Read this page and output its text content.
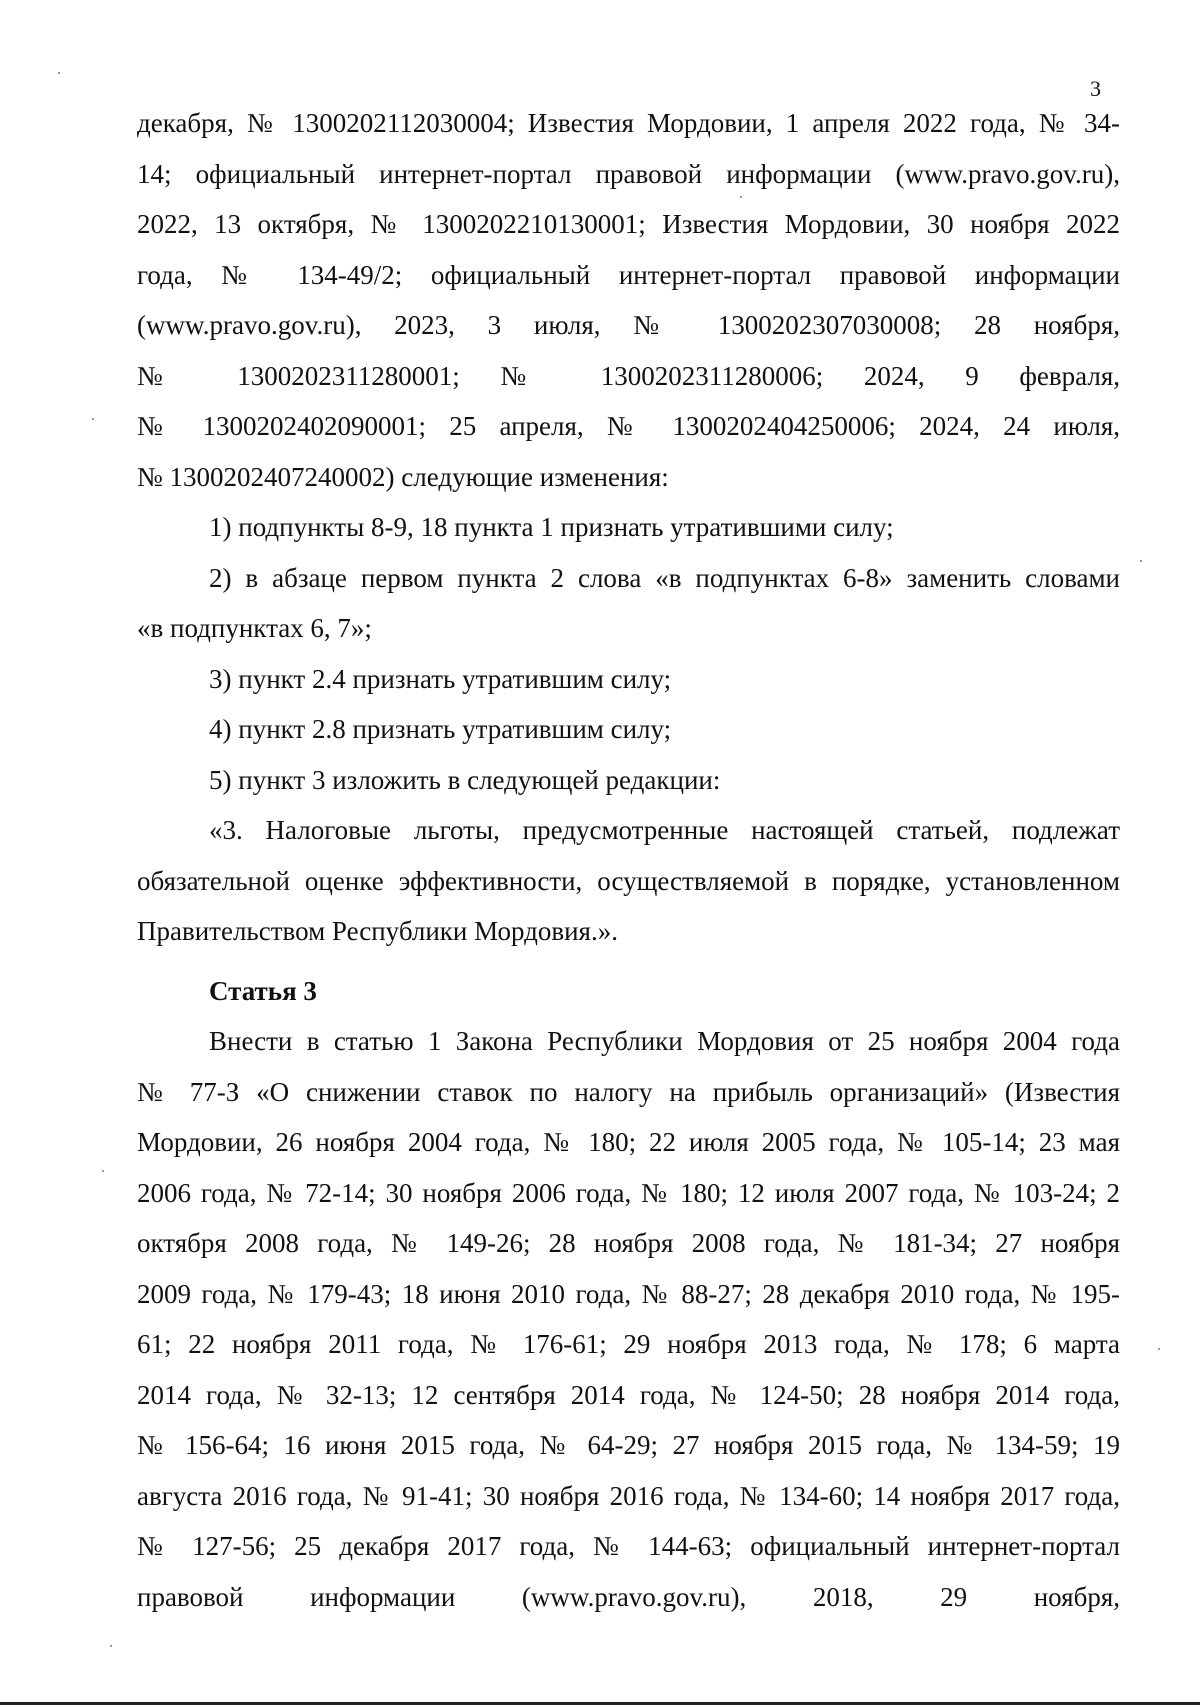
3
декабря, № 1300202112030004; Известия Мордовии, 1 апреля 2022 года, № 34-
14; официальный интернет-портал правовой информации (www.pravo.gov.ru),
2022, 13 октября, № 1300202210130001; Известия Мордовии, 30 ноября 2022
года, № 134-49/2; официальный интернет-портал правовой информации
(www.pravo.gov.ru), 2023, 3 июля, № 1300202307030008; 28 ноября,
№ 1300202311280001; № 1300202311280006; 2024, 9 февраля,
№ 1300202402090001; 25 апреля, № 1300202404250006; 2024, 24 июля,
№ 1300202407240002) следующие изменения:
1) подпункты 8-9, 18 пункта 1 признать утратившими силу;
2) в абзаце первом пункта 2 слова «в подпунктах 6-8» заменить словами
«в подпунктах 6, 7»;
3) пункт 2.4 признать утратившим силу;
4) пункт 2.8 признать утратившим силу;
5) пункт 3 изложить в следующей редакции:
«3. Налоговые льготы, предусмотренные настоящей статьей, подлежат
обязательной оценке эффективности, осуществляемой в порядке, установленном
Правительством Республики Мордовия.».
Статья 3
Внести в статью 1 Закона Республики Мордовия от 25 ноября 2004 года
№ 77-З «О снижении ставок по налогу на прибыль организаций» (Известия
Мордовии, 26 ноября 2004 года, № 180; 22 июля 2005 года, № 105-14; 23 мая
2006 года, № 72-14; 30 ноября 2006 года, № 180; 12 июля 2007 года, № 103-24; 2
октября 2008 года, № 149-26; 28 ноября 2008 года, № 181-34; 27 ноября
2009 года, № 179-43; 18 июня 2010 года, № 88-27; 28 декабря 2010 года, № 195-
61; 22 ноября 2011 года, № 176-61; 29 ноября 2013 года, № 178; 6 марта
2014 года, № 32-13; 12 сентября 2014 года, № 124-50; 28 ноября 2014 года,
№ 156-64; 16 июня 2015 года, № 64-29; 27 ноября 2015 года, № 134-59; 19
августа 2016 года, № 91-41; 30 ноября 2016 года, № 134-60; 14 ноября 2017 года,
№ 127-56; 25 декабря 2017 года, № 144-63; официальный интернет-портал
правовой информации (www.pravo.gov.ru), 2018, 29 ноября,
